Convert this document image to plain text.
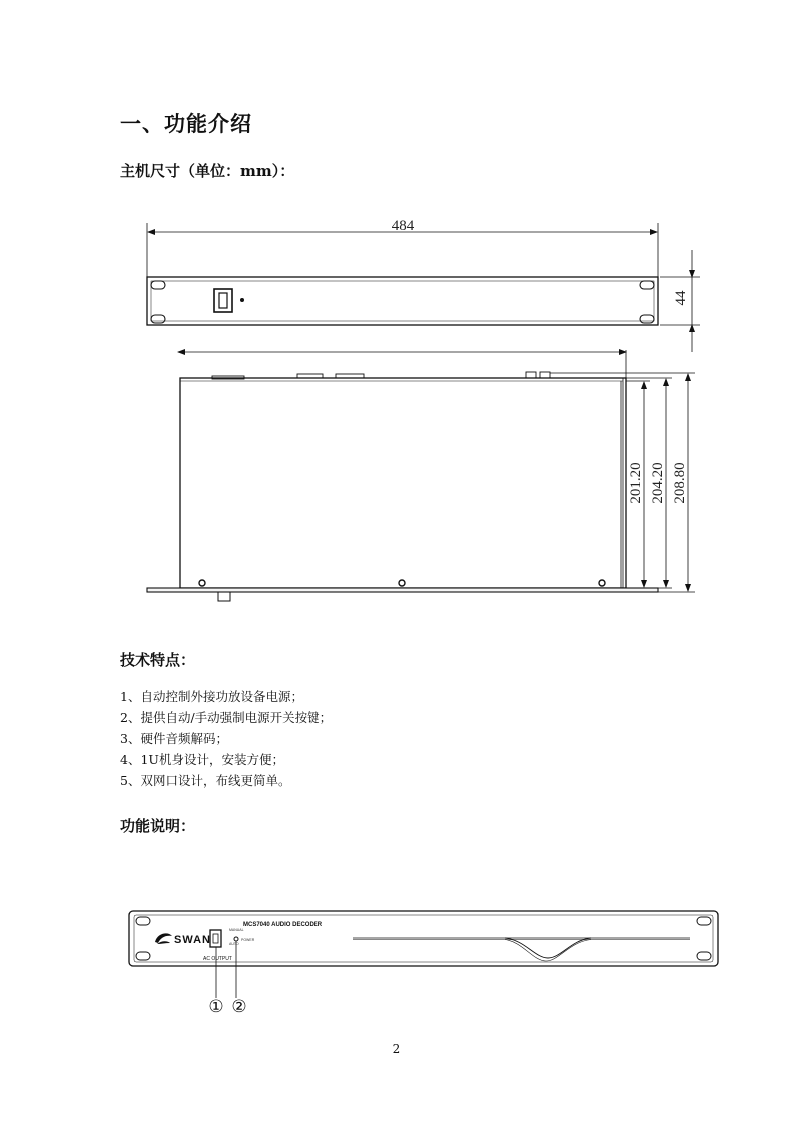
一、功能介绍
主机尺寸（单位：mm）：
484
44
201.20 204.20 208.80
技术特点：
1、自动控制外接功放设备电源；
2、提供自动/手动强制电源开关按键；
3、硬件音频解码；
4、1U机身设计，安装方便；
5、双网口设计，布线更简单。
功能说明：
SWAN
MCS7040 AUDIO DECODER
MANUAL
POWER
AUTO
AC OUTPUT
① ②
2
